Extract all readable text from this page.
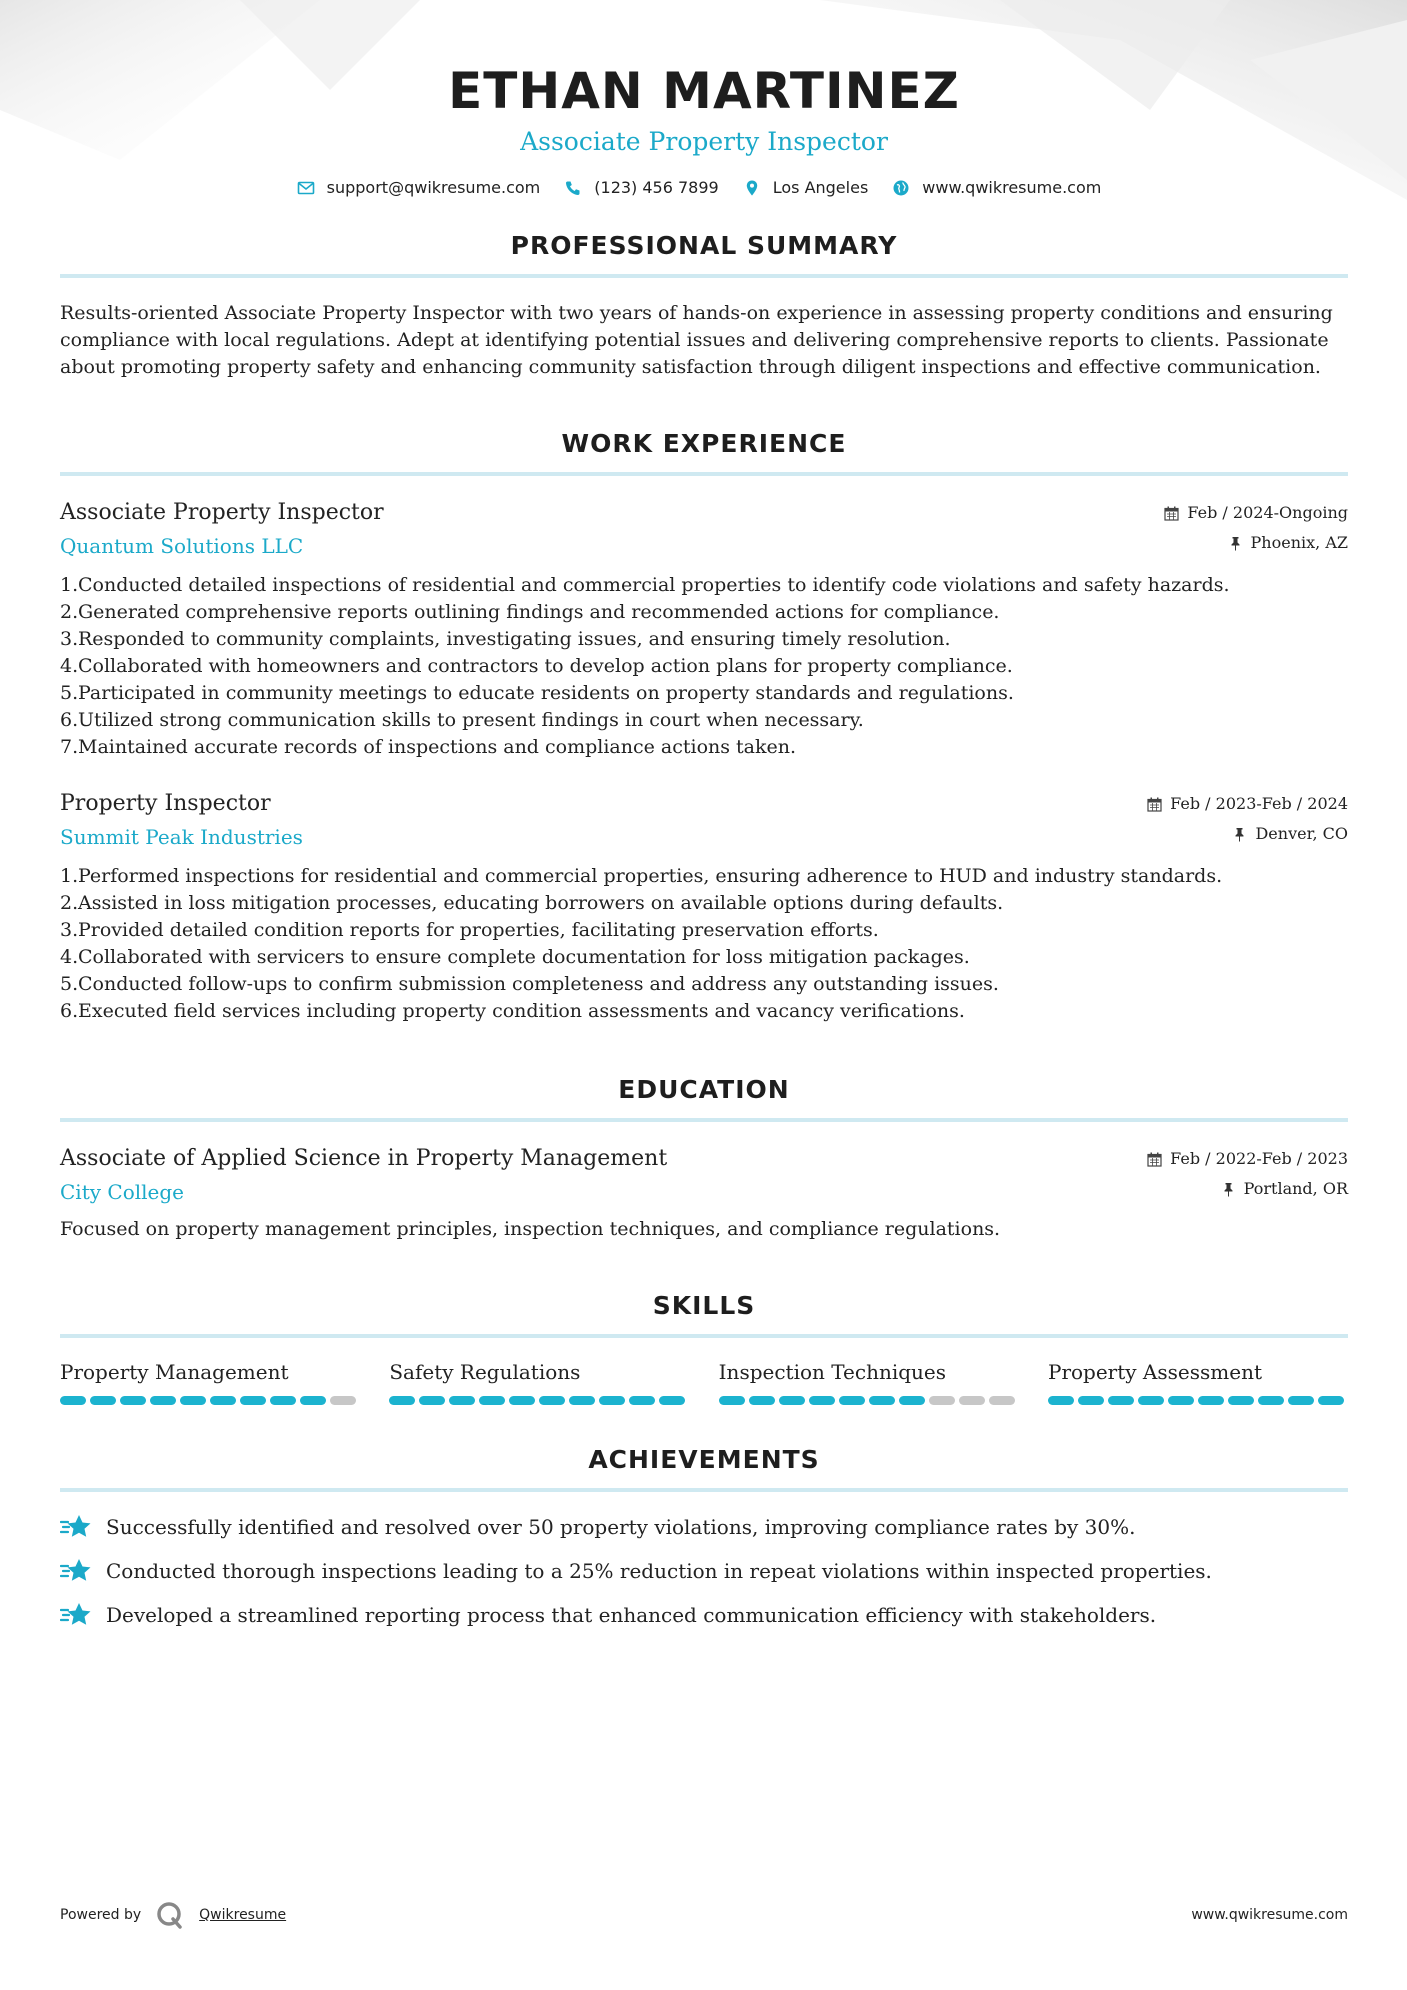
ETHAN MARTINEZ
Associate Property Inspector
support@qwikresume.com	(123) 456 7899	Los Angeles	www.qwikresume.com
PROFESSIONAL SUMMARY

Results-oriented Associate Property Inspector with two years of hands-on experience in assessing property conditions and ensuring compliance with local regulations. Adept at identifying potential issues and delivering comprehensive reports to clients. Passionate about promoting property safety and enhancing community satisfaction through diligent inspections and effective communication.

WORK EXPERIENCE
Associate Property Inspector
Quantum Solutions LLC
Feb / 2024-Ongoing
Phoenix, AZ
1. Conducted detailed inspections of residential and commercial properties to identify code violations and safety hazards.
2. Generated comprehensive reports outlining findings and recommended actions for compliance.
3. Responded to community complaints, investigating issues, and ensuring timely resolution.
4. Collaborated with homeowners and contractors to develop action plans for property compliance.
5. Participated in community meetings to educate residents on property standards and regulations.
6. Utilized strong communication skills to present findings in court when necessary.
7. Maintained accurate records of inspections and compliance actions taken.
Property Inspector
Summit Peak Industries
Feb / 2023-Feb / 2024
Denver, CO
1. Performed inspections for residential and commercial properties, ensuring adherence to HUD and industry standards.
2. Assisted in loss mitigation processes, educating borrowers on available options during defaults.
3. Provided detailed condition reports for properties, facilitating preservation efforts.
4. Collaborated with servicers to ensure complete documentation for loss mitigation packages.
5. Conducted follow-ups to confirm submission completeness and address any outstanding issues.
6. Executed field services including property condition assessments and vacancy verifications.
EDUCATION
Associate of Applied Science in Property Management
City College
Feb / 2022-Feb / 2023
Portland, OR

Focused on property management principles, inspection techniques, and compliance regulations.

SKILLS
Property Management	Safety Regulations	Inspection Techniques	Property Assessment
ACHIEVEMENTS
Successfully identified and resolved over 50 property violations, improving compliance rates by 30%.
Conducted thorough inspections leading to a 25% reduction in repeat violations within inspected properties.
Developed a streamlined reporting process that enhanced communication efficiency with stakeholders.
Powered by	Qwikresume	www.qwikresume.com
